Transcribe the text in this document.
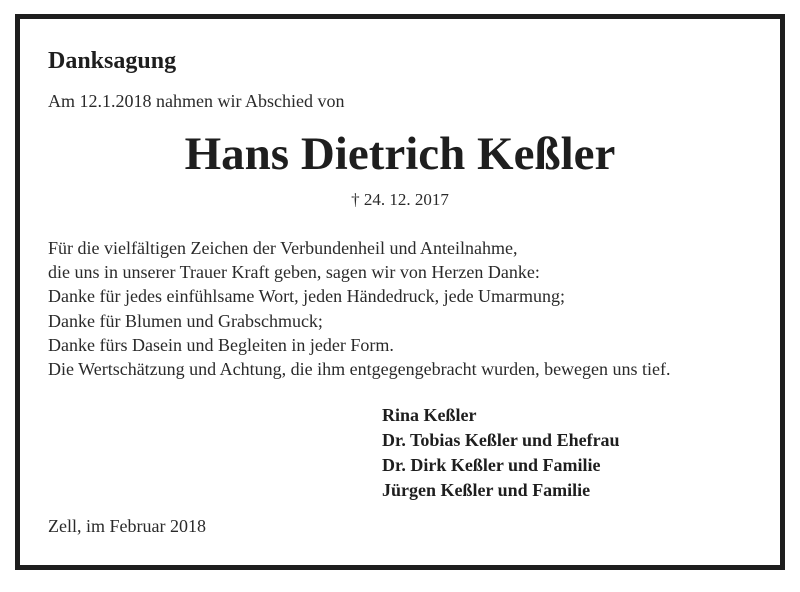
Danksagung

Am 12.1.2018 nahmen wir Abschied von

Hans Dietrich Keßler

† 24. 12. 2017

Für die vielfältigen Zeichen der Verbundenheil und Anteilnahme,
die uns in unserer Trauer Kraft geben, sagen wir von Herzen Danke:
Danke für jedes einfühlsame Wort, jeden Händedruck, jede Umarmung;
Danke für Blumen und Grabschmuck;
Danke fürs Dasein und Begleiten in jeder Form.
Die Wertschätzung und Achtung, die ihm entgegengebracht wurden, bewegen uns tief.
Rina Keßler
Dr. Tobias Keßler und Ehefrau
Dr. Dirk Keßler und Familie
Jürgen Keßler und Familie

Zell, im Februar 2018
